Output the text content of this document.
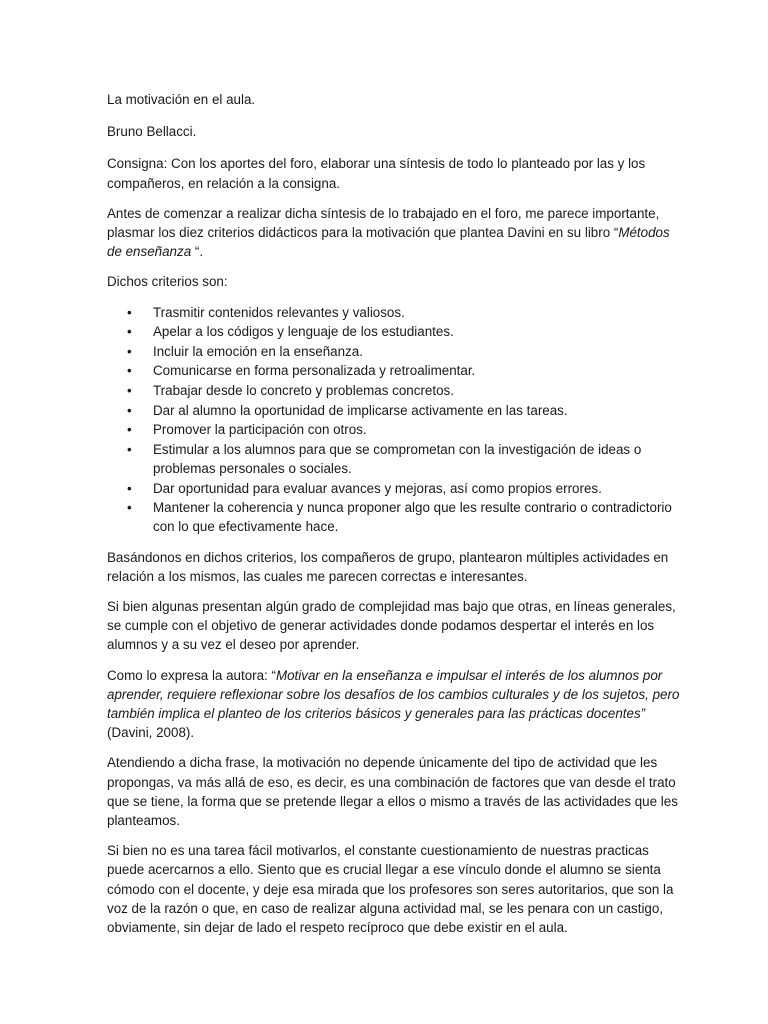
La motivación en el aula.

Bruno Bellacci.

Consigna: Con los aportes del foro, elaborar una síntesis de todo lo planteado por las y los compañeros, en relación a la consigna.

Antes de comenzar a realizar dicha síntesis de lo trabajado en el foro, me parece importante, plasmar los diez criterios didácticos para la motivación que plantea Davini en su libro “Métodos de enseñanza “.

Dichos criterios son:

• Trasmitir contenidos relevantes y valiosos.
• Apelar a los códigos y lenguaje de los estudiantes.
• Incluir la emoción en la enseñanza.
• Comunicarse en forma personalizada y retroalimentar.
• Trabajar desde lo concreto y problemas concretos.
• Dar al alumno la oportunidad de implicarse activamente en las tareas.
• Promover la participación con otros.
• Estimular a los alumnos para que se comprometan con la investigación de ideas o problemas personales o sociales.
• Dar oportunidad para evaluar avances y mejoras, así como propios errores.
• Mantener la coherencia y nunca proponer algo que les resulte contrario o contradictorio con lo que efectivamente hace.

Basándonos en dichos criterios, los compañeros de grupo, plantearon múltiples actividades en relación a los mismos, las cuales me parecen correctas e interesantes.

Si bien algunas presentan algún grado de complejidad mas bajo que otras, en líneas generales, se cumple con el objetivo de generar actividades donde podamos despertar el interés en los alumnos y a su vez el deseo por aprender.

Como lo expresa la autora: “Motivar en la enseñanza e impulsar el interés de los alumnos por aprender, requiere reflexionar sobre los desafíos de los cambios culturales y de los sujetos, pero también implica el planteo de los criterios básicos y generales para las prácticas docentes” (Davini, 2008).

Atendiendo a dicha frase, la motivación no depende únicamente del tipo de actividad que les propongas, va más allá de eso, es decir, es una combinación de factores que van desde el trato que se tiene, la forma que se pretende llegar a ellos o mismo a través de las actividades que les planteamos.

Si bien no es una tarea fácil motivarlos, el constante cuestionamiento de nuestras practicas puede acercarnos a ello. Siento que es crucial llegar a ese vínculo donde el alumno se sienta cómodo con el docente, y deje esa mirada que los profesores son seres autoritarios, que son la voz de la razón o que, en caso de realizar alguna actividad mal, se les penara con un castigo, obviamente, sin dejar de lado el respeto recíproco que debe existir en el aula.
